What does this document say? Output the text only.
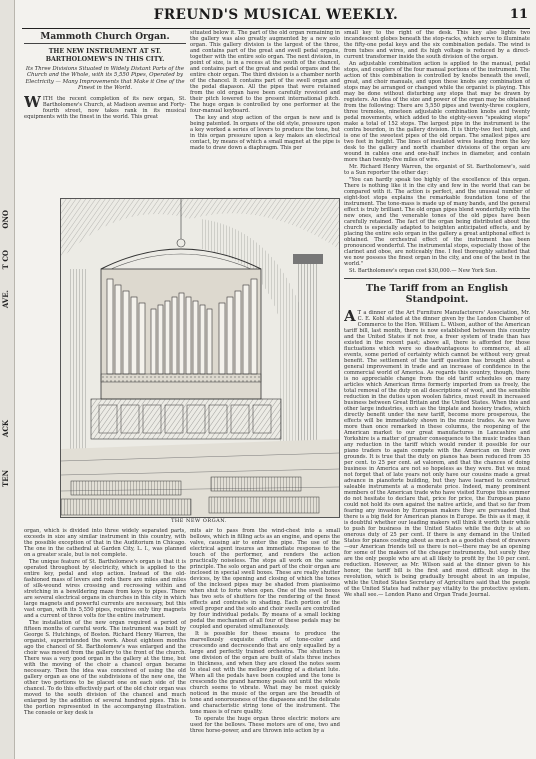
ONO
T CO
AVE.
ACK
TEN
FREUND'S MUSICAL WEEKLY.	11
Mammoth Church Organ.
THE NEW INSTRUMENT AT ST. BARTHOLOMEW'S IN THIS CITY.
Its Three Divisions Situated in Widely Distant Parts of the Church and the Whole, with its 5,550 Pipes, Operated by Electricity — Many Improvements that Make it One of the Finest in the World.
WITH the recent completion of its new organ, St. Bartholomew's Church, at Madison avenue and Forty-fourth street, now takes rank in its musical equipments with the finest in the world. This great
situated below it. The part of the old organ remaining in the gallery was also greatly augmented by a new solo organ. This gallery division is the largest of the three, and contains part of the great and swell pedal organs, together with the entire solo organ. The next division, in point of size, is in a recess at the south of the chancel, and contains part of the great and pedal organs and the entire choir organ. The third division is a chamber north of the chancel. It contains part of the swell organ and the pedal diapason. All the pipes that were retained from the old organ have been carefully revoiced and their pitch lowered to the present international pitch. The huge organ is controlled by one performer at the four-manual keyboard.
The key and stop action of the organ is new and is being patented. In organs of the old style, pressure upon a key worked a series of levers to produce the tone, but in this organ pressure upon a key makes an electrical contact, by means of which a small magnet at the pipe is made to draw down a diaphragm. This per
small key to the right of the desk. This key also lights two incandescent globes beneath the stop-racks, which serve to illuminate the fifty-one pedal keys and the six combination pedals. The wind is from tubes and wires, and its high voltage is reduced by a direct-current transformer inside the south division of the organ.
An adjustable combination action is applied to the manual, pedal stops, and couplers of the four manual portions of the instrument. The action of this combination is controlled by knobs beneath the swell, great, and choir manuals, and upon these knobs any combination of stops may be arranged or changed while the organist is playing. This may be done without disturbing any stops that may be drawn by registers. An idea of the size and power of the organ may be obtained from the following: There are 5,550 pipes and twenty-three couplers, three tremolos, nineteen adjustable combination knobs and twenty pedal movements, which added to the eighty-seven "speaking stops" make a total of 152 stops. The largest pipe in the instrument is the contra bourdon, in the gallery division. It is thirty-two feet high, and is one of the sweetest pipes of the old organ. The smallest pipes are two feet in height. The lines of insulated wires leading from the key desk to the gallery and north chamber divisions of the organ are wound in cables one and one-half inches in diameter, and contain more than twenty-five miles of wire.
Mr. Richard Henry Warren, the organist of St. Bartholomew's, said to a Sun reporter the other day:
"You can hardly speak too highly of the excellence of this organ. There is nothing like it in the city and few in the world that can be compared with it. The action is perfect, and the unusual number of eight-foot stops explains the remarkable foundation tone of the instrument. The tone-mass is made up of many bands, and the general effect is truly brilliant. The old organ pipes blend wonderfully with the new ones, and the venerable tones of the old pipes have been carefully retained. The fact of the organ being distributed about the church is especially adapted to heighten anticipated effects, and by placing the entire solo organ in the gallery a great antiphonal effect is obtained. The orchestral effect of the instrument has been pronounced wonderful. The instrumental stops, especially those of the clarinet and oboe, are noticeably fine. I feel thoroughly satisfied that we now possess the finest organ in the city, and one of the best in the world."
St. Bartholomew's organ cost $30,000.— New York Sun.
The Tariff from an English Standpoint.
A T a dinner of the Art Furniture Manufacturers' Association, Mr. C. E. Kohl stated at the dinner given by the London Chamber of Commerce to the Hon. William L. Wilson, author of the American tariff bill, last month, there is now established between this country and the United States if not free, a freer system of trade than has existed in the recent past; above all, there is afforded for those fluctuations which were so disadvantageous to commerce, at all events, some period of certainty which cannot be without very great benefit. The settlement of the tariff question has brought about a general improvement in trade and an increase of confidence in the commercial world of America. As regards this country, though, there is no appreciable change from the old tariff schedules on many articles which American firms formerly imported from us freely, the total removal of the duty on all descriptions of wool, and the sensible reduction in the duties upon woolen fabrics, must result in increased business between Great Britain and the United States. When this and other large industries, such as the tinplate and hosiery trades, which directly benefit under the new tariff, become more prosperous, the effects will be immediately shown in the music trades. As we have more than once remarked in these columns, the reopening of the American market to our great manufactures in Lancashire and Yorkshire is a matter of greater consequence to the music trades than any reduction in the tariff which would render it possible for our piano traders to again compete with the American on their own grounds. It is true that the duty on pianos has been reduced from 35 per cent. to 25 per cent. ad valorem, and that the chances of doing business in America are not so hopeless as they were. But we must not forget that of late years not only have our cousins made a great advance in pianoforte building, but they have learned to construct saleable instruments at a moderate price. Indeed, many prominent members of the American trade who have visited Europe this summer do not hesitate to declare that, price for price, the European piano could not hold its own against the native article, and that so far from fearing any invasion by European makers they are persuaded that there is a big field for American pianos in Europe. Be this as it may, it is doubtful whether our leading makers will think it worth their while to push for business in the United States while the duty is at so onerous duty of 25 per cent. If there is any demand in the United States for pianos costing about as much as a goodish chest of drawers—our American friends tell us there is not—there may be an opening for some of the makers of the cheaper instruments, but surely they are the only people who are at all likely to profit by the 10 per cent. reduction. However, as Mr. Wilson said at the dinner given to his honor, the tariff bill is the first and most difficult step in the revolution, which is being gradually brought about in an impulse, while the United States Secretary of Agriculture said that the people of the United States had rather pay vitality to the protective system. We shall see.— London Piano and Organ Trade Journal.
THE NEW ORGAN.
organ, which is divided into three widely separated parts, exceeds in size any similar instrument in this country, with the possible exception of that in the Auditorium in Chicago. The one in the cathedral at Garden City, L. I., was planned on a greater scale, but is not complete.
The unique feature of St. Bartholomew's organ is that it is operated throughout by electricity, which is applied to the entire key, pedal and stop action. Instead of the old-fashioned mass of levers and rods there are miles and miles of silk-wound wires crossing and recrossing within and stretching in a bewildering maze from keys to pipes. There are several electrical organs in churches in this city in which large magnets and powerful currents are necessary, but this vast organ, with its 5,550 pipes, requires only tiny magnets and a current of three volts for the entire instrument.
The installation of the new organ required a period of fifteen months of careful work. The instrument was built by George S. Hutchings, of Boston. Richard Henry Warren, the organist, superintended the work. About eighteen months ago the chancel of St. Bartholomew's was enlarged and the choir was moved from the gallery to the front of the church. There was a very good organ in the gallery at the time, but with the moving of the choir a chancel organ became necessary. Then the idea was conceived of using the old gallery organ as one of the subdivisions of the new one, the other two portions to be placed one on each side of the chancel. To do this effectively part of the old choir organ was moved to the south division of the chancel and much enlarged by the addition of several hundred pipes. This is the portion represented in the accompanying illustration. The console or key desk is
mits air to pass from the wind-chest into a small bellows, which in filling acts as an engine, and opens the valve, causing air to enter the pipe. The use of the electrical agent insures an immediate response to the touch of the performer, and renders the action practically noiseless. The stops all work on the same principle. The solo organ and part of the choir organ are inclosed in special swell boxes. These are really shutter devices, by the opening and closing of which the tones of the inclosed pipes may be shaded from pianissimo when shut to forte when open. One of the swell boxes has two sets of shutters for the rendering of the finest effects and contrasts in shading. Each portion of the swell proper and the solo and choir swells are controlled by four individual pedals. By means of a small locking pedal the mechanism of all four of these pedals may be coupled and operated simultaneously.
It is possible for these means to produce the marvellously exquisite effects of tone-color and crescendo and decrescendo that are only equalled by a large and perfectly trained orchestra. The shutters in one division of the organ are built of slats three inches in thickness, and when they are closed the notes seem to steal out with the mellow pleading of a distant lute. When all the pedals have been coupled and the tone is crescendo the grand harmony peals out until the whole church seems to vibrate. What may be most quickly noticed in the music of the organ are the breadth of tone and sonorousness of the diapasons and the delicate and characteristic string tone of the instrument. The tone mass is of rare quality.
To operate the huge organ three electric motors are used for the bellows. These motors are of one, two and three horse-power, and are thrown into action by a
